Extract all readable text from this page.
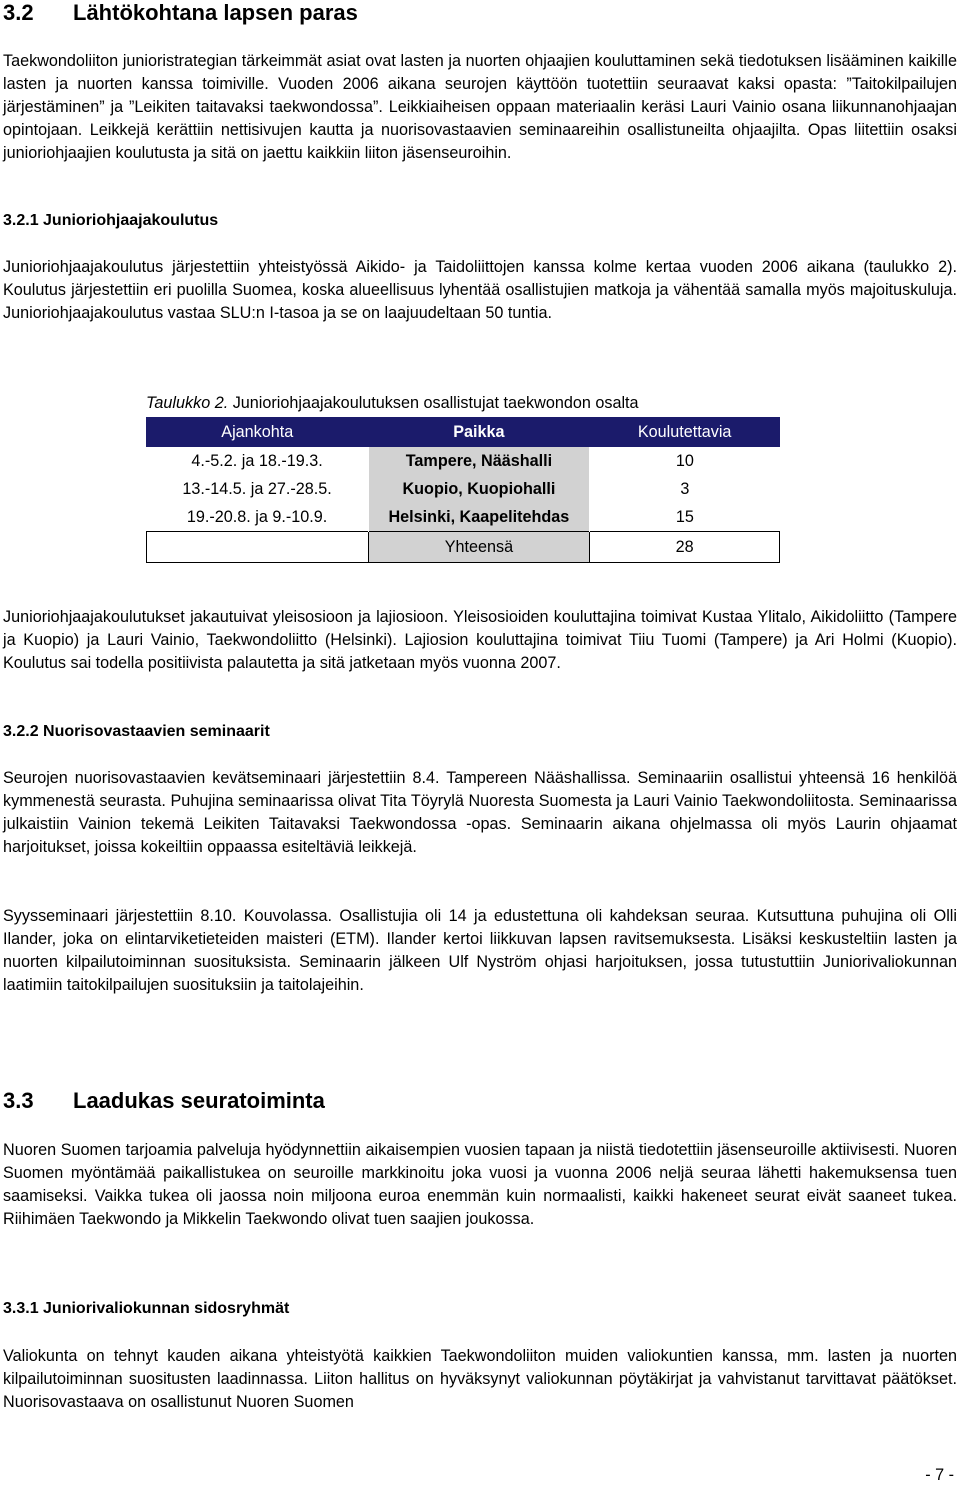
3.2 Lähtökohtana lapsen paras

Taekwondoliiton junioristrategian tärkeimmät asiat ovat lasten ja nuorten ohjaajien kouluttaminen sekä tiedotuksen lisääminen kaikille lasten ja nuorten kanssa toimiville. Vuoden 2006 aikana seurojen käyttöön tuotettiin seuraavat kaksi opasta: ”Taitokilpailujen järjestäminen” ja ”Leikiten taitavaksi taekwondossa”. Leikkiaiheisen oppaan materiaalin keräsi Lauri Vainio osana liikunnanohjaajan opintojaan. Leikkejä kerättiin nettisivujen kautta ja nuorisovastaavien seminaareihin osallistuneilta ohjaajilta. Opas liitettiin osaksi junioriohjaajien koulutusta ja sitä on jaettu kaikkiin liiton jäsenseuroihin.

3.2.1 Junioriohjaajakoulutus

Junioriohjaajakoulutus järjestettiin yhteistyössä Aikido- ja Taidoliittojen kanssa kolme kertaa vuoden 2006 aikana (taulukko 2). Koulutus järjestettiin eri puolilla Suomea, koska alueellisuus lyhentää osallistujien matkoja ja vähentää samalla myös majoituskuluja. Junioriohjaajakoulutus vastaa SLU:n I-tasoa ja se on laajuudeltaan 50 tuntia.

Taulukko 2. Junioriohjaajakoulutuksen osallistujat taekwondon osalta
Ajankohta	Paikka	Koulutettavia
4.-5.2. ja 18.-19.3.	Tampere, Nääshalli	10
13.-14.5. ja 27.-28.5.	Kuopio, Kuopiohalli	3
19.-20.8. ja 9.-10.9.	Helsinki, Kaapelitehdas	15
	Yhteensä	28

Junioriohjaajakoulutukset jakautuivat yleisosioon ja lajiosioon. Yleisosioiden kouluttajina toimivat Kustaa Ylitalo, Aikidoliitto (Tampere ja Kuopio) ja Lauri Vainio, Taekwondoliitto (Helsinki). Lajiosion kouluttajina toimivat Tiiu Tuomi (Tampere) ja Ari Holmi (Kuopio). Koulutus sai todella positiivista palautetta ja sitä jatketaan myös vuonna 2007.

3.2.2 Nuorisovastaavien seminaarit

Seurojen nuorisovastaavien kevätseminaari järjestettiin 8.4. Tampereen Nääshallissa. Seminaariin osallistui yhteensä 16 henkilöä kymmenestä seurasta. Puhujina seminaarissa olivat Tita Töyrylä Nuoresta Suomesta ja Lauri Vainio Taekwondoliitosta. Seminaarissa julkaistiin Vainion tekemä Leikiten Taitavaksi Taekwondossa -opas. Seminaarin aikana ohjelmassa oli myös Laurin ohjaamat harjoitukset, joissa kokeiltiin oppaassa esiteltäviä leikkejä.

Syysseminaari järjestettiin 8.10. Kouvolassa. Osallistujia oli 14 ja edustettuna oli kahdeksan seuraa. Kutsuttuna puhujina oli Olli Ilander, joka on elintarviketieteiden maisteri (ETM). Ilander kertoi liikkuvan lapsen ravitsemuksesta. Lisäksi keskusteltiin lasten ja nuorten kilpailutoiminnan suosituksista. Seminaarin jälkeen Ulf Nyström ohjasi harjoituksen, jossa tutustuttiin Juniorivaliokunnan laatimiin taitokilpailujen suosituksiin ja taitolajeihin.

3.3 Laadukas seuratoiminta

Nuoren Suomen tarjoamia palveluja hyödynnettiin aikaisempien vuosien tapaan ja niistä tiedotettiin jäsenseuroille aktiivisesti. Nuoren Suomen myöntämää paikallistukea on seuroille markkinoitu joka vuosi ja vuonna 2006 neljä seuraa lähetti hakemuksensa tuen saamiseksi. Vaikka tukea oli jaossa noin miljoona euroa enemmän kuin normaalisti, kaikki hakeneet seurat eivät saaneet tukea. Riihimäen Taekwondo ja Mikkelin Taekwondo olivat tuen saajien joukossa.

3.3.1 Juniorivaliokunnan sidosryhmät

Valiokunta on tehnyt kauden aikana yhteistyötä kaikkien Taekwondoliiton muiden valiokuntien kanssa, mm. lasten ja nuorten kilpailutoiminnan suositusten laadinnassa. Liiton hallitus on hyväksynyt valiokunnan pöytäkirjat ja vahvistanut tarvittavat päätökset. Nuorisovastaava on osallistunut Nuoren Suomen

- 7 -
